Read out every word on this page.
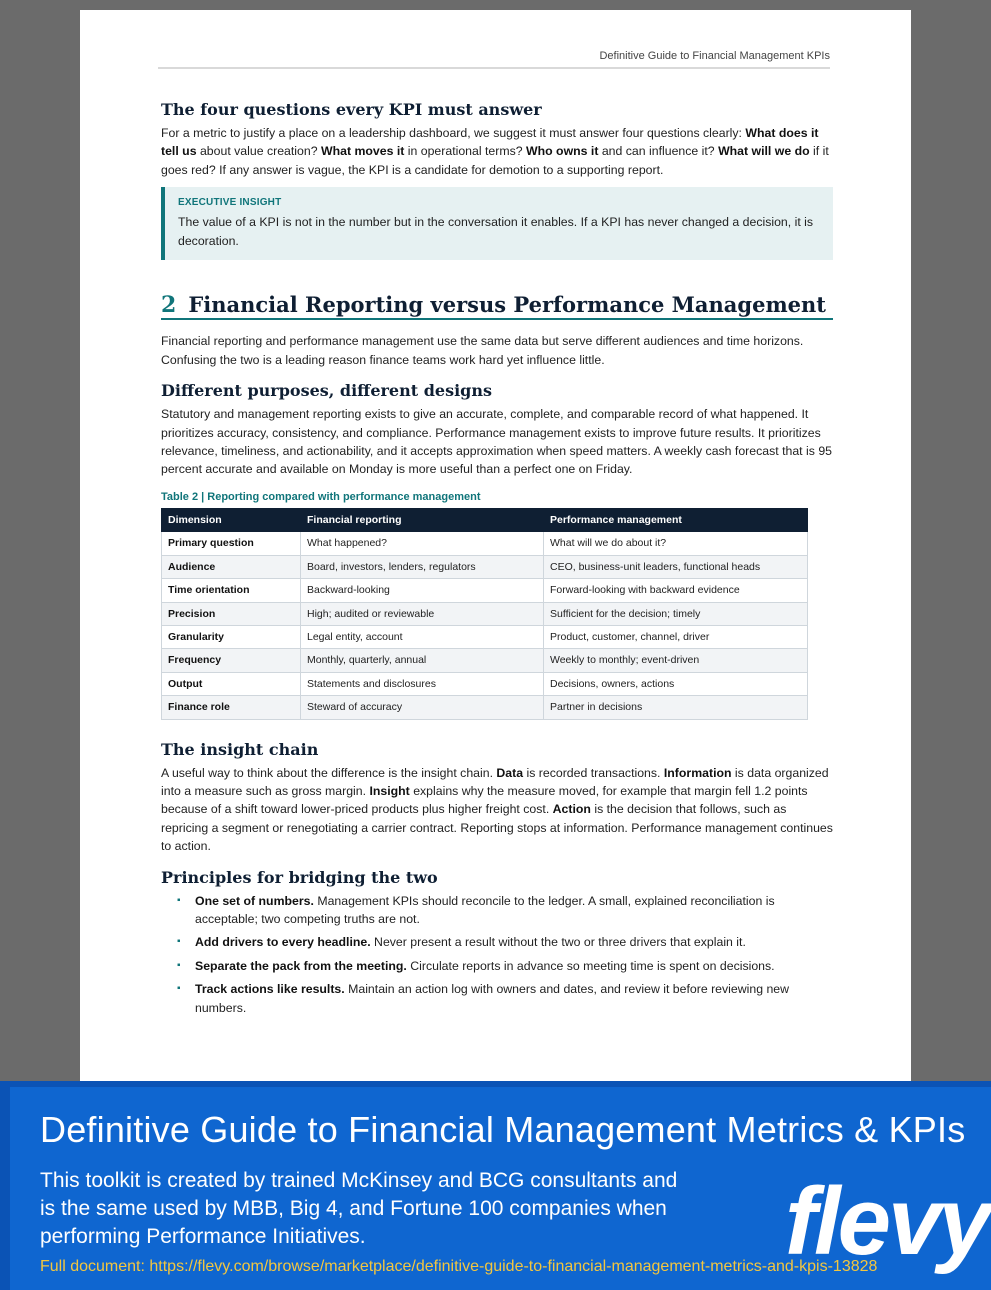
Definitive Guide to Financial Management KPIs
The four questions every KPI must answer

For a metric to justify a place on a leadership dashboard, we suggest it must answer four questions clearly: What does it tell us about value creation? What moves it in operational terms? Who owns it and can influence it? What will we do if it goes red? If any answer is vague, the KPI is a candidate for demotion to a supporting report.

EXECUTIVE INSIGHT
The value of a KPI is not in the number but in the conversation it enables. If a KPI has never changed a decision, it is decoration.
2 Financial Reporting versus Performance Management

Financial reporting and performance management use the same data but serve different audiences and time horizons. Confusing the two is a leading reason finance teams work hard yet influence little.

Different purposes, different designs

Statutory and management reporting exists to give an accurate, complete, and comparable record of what happened. It prioritizes accuracy, consistency, and compliance. Performance management exists to improve future results. It prioritizes relevance, timeliness, and actionability, and it accepts approximation when speed matters. A weekly cash forecast that is 95 percent accurate and available on Monday is more useful than a perfect one on Friday.

Table 2 | Reporting compared with performance management
Dimension	Financial reporting	Performance management
Primary question	What happened?	What will we do about it?
Audience	Board, investors, lenders, regulators	CEO, business-unit leaders, functional heads
Time orientation	Backward-looking	Forward-looking with backward evidence
Precision	High; audited or reviewable	Sufficient for the decision; timely
Granularity	Legal entity, account	Product, customer, channel, driver
Frequency	Monthly, quarterly, annual	Weekly to monthly; event-driven
Output	Statements and disclosures	Decisions, owners, actions
Finance role	Steward of accuracy	Partner in decisions
The insight chain

A useful way to think about the difference is the insight chain. Data is recorded transactions. Information is data organized into a measure such as gross margin. Insight explains why the measure moved, for example that margin fell 1.2 points because of a shift toward lower-priced products plus higher freight cost. Action is the decision that follows, such as repricing a segment or renegotiating a carrier contract. Reporting stops at information. Performance management continues to action.

Principles for bridging the two
▪ One set of numbers. Management KPIs should reconcile to the ledger. A small, explained reconciliation is acceptable; two competing truths are not.
▪ Add drivers to every headline. Never present a result without the two or three drivers that explain it.
▪ Separate the pack from the meeting. Circulate reports in advance so meeting time is spent on decisions.
▪ Track actions like results. Maintain an action log with owners and dates, and review it before reviewing new numbers.
Definitive Guide to Financial Management Metrics & KPIs
This toolkit is created by trained McKinsey and BCG consultants and is the same used by MBB, Big 4, and Fortune 100 companies when performing Performance Initiatives.
Full document: https://flevy.com/browse/marketplace/definitive-guide-to-financial-management-metrics-and-kpis-13828
flevy
